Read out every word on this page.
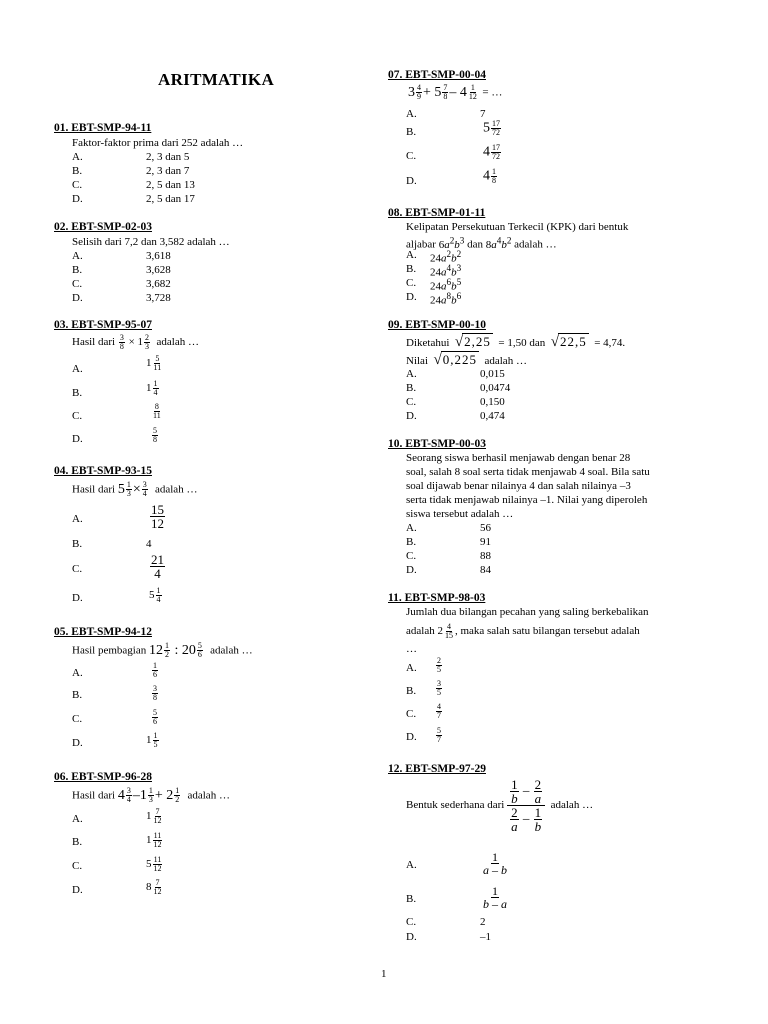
ARITMATIKA
01. EBT-SMP-94-11
Faktor-faktor prima dari 252 adalah …
A.	2, 3 dan 5
B.	2, 3 dan 7
C.	2, 5 dan 13
D.	2, 5 dan 17
02. EBT-SMP-02-03
Selisih dari 7,2 dan 3,582 adalah …
A.	3,618
B.	3,628
C.	3,682
D.	3,728
03. EBT-SMP-95-07
Hasil dari $\frac{3}{8} \times 1 \frac{2}{3}$ adalah …
A.	$1 \frac{5}{11}$
B.	$1 \frac{1}{4}$
C.	$\frac{8}{11}$
D.	$\frac{5}{8}$
04. EBT-SMP-93-15
Hasil dari $5 \frac{1}{3} \times \frac{3}{4}$ adalah …
A.	$\frac{15}{12}$
B.	4
C.	$\frac{21}{4}$
D.	$5 \frac{1}{4}$
05. EBT-SMP-94-12
Hasil pembagian $12 \frac{1}{2}$ : $20 \frac{5}{6}$ adalah …
A.	$\frac{1}{6}$
B.	$\frac{3}{8}$
C.	$\frac{5}{6}$
D.	$1 \frac{1}{5}$
06. EBT-SMP-96-28
Hasil dari $4 \frac{3}{4} -1 \frac{1}{3} + 2 \frac{1}{2}$ adalah …
A.	$1 \frac{7}{12}$
B.	$1 \frac{11}{12}$
C.	$5 \frac{11}{12}$
D.	$8 \frac{7}{12}$
07. EBT-SMP-00-04
$3 \frac{4}{9} + 5 \frac{7}{8} - 4 \frac{1}{12}$ = …
A.	7
B.	$5 \frac{17}{72}$
C.	$4 \frac{17}{72}$
D.	$4 \frac{1}{8}$
08. EBT-SMP-01-11
Kelipatan Persekutuan Terkecil (KPK) dari bentuk
aljabar $6a^2b^3$ dan $8a^4b^2$ adalah …
A. $24a^2b^2$
B. $24a^4b^3$
C. $24a^6b^5$
D. $24a^8b^6$
09. EBT-SMP-00-10
Diketahui √2,25 = 1,50 dan √22,5 = 4,74.
Nilai √0,225 adalah …
A.	0,015
B.	0,0474
C.	0,150
D.	0,474
10. EBT-SMP-00-03
Seorang siswa berhasil menjawab dengan benar 28
soal, salah 8 soal serta tidak menjawab 4 soal. Bila satu
soal dijawab benar nilainya 4 dan salah nilainya –3
serta tidak menjawab nilainya –1. Nilai yang diperoleh
siswa tersebut adalah …
A.	56
B.	91
C.	88
D.	84
11. EBT-SMP-98-03
Jumlah dua bilangan pecahan yang saling berkebalikan
adalah $2 \frac{4}{15}$ , maka salah satu bilangan tersebut adalah
…
A. $\frac{2}{5}$
B. $\frac{3}{5}$
C. $\frac{4}{7}$
D. $\frac{5}{7}$
12. EBT-SMP-97-29
Bentuk sederhana dari $\frac{\frac{1}{b} - \frac{2}{a}}{\frac{2}{a} - \frac{1}{b}}$ adalah …
A.	$\frac{1}{a - b}$
B.	$\frac{1}{b - a}$
C.	2
D.	–1
1
